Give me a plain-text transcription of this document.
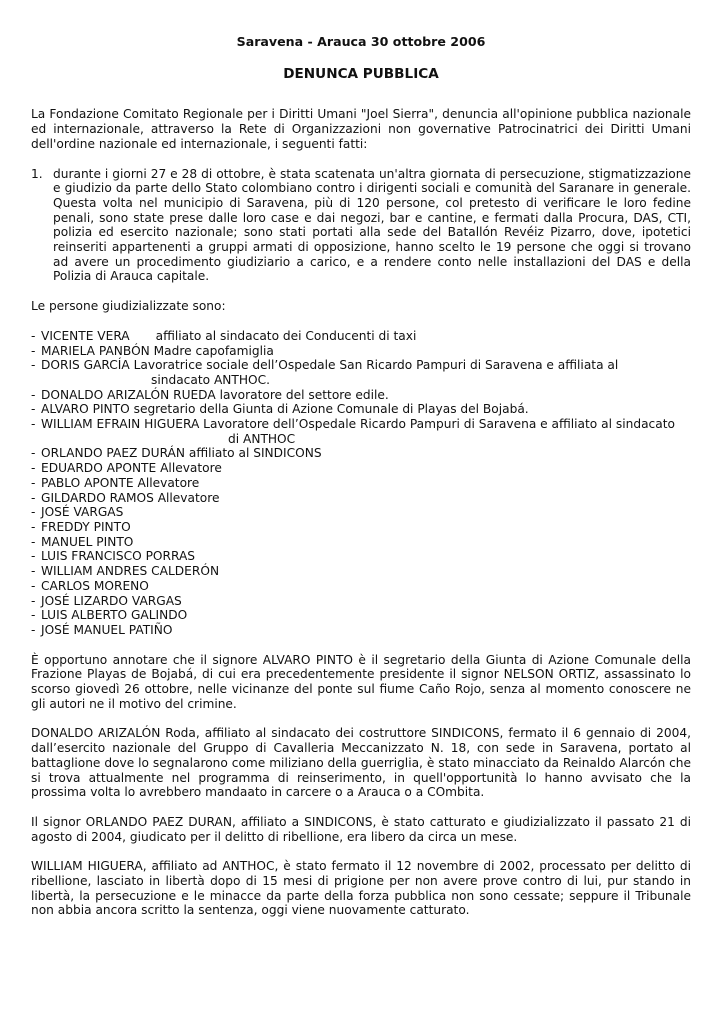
Saravena - Arauca 30 ottobre 2006
DENUNCA PUBBLICA

La Fondazione Comitato Regionale per i Diritti Umani "Joel Sierra", denuncia all'opinione pubblica nazionale ed internazionale, attraverso la Rete di Organizzazioni non governative Patrocinatrici dei Diritti Umani dell'ordine nazionale ed internazionale, i seguenti fatti:

1. durante i giorni 27 e 28 di ottobre, è stata scatenata un'altra giornata di persecuzione, stigmatizzazione e giudizio da parte dello Stato colombiano contro i dirigenti sociali e comunità del Saranare in generale. Questa volta nel municipio di Saravena, più di 120 persone, col pretesto di verificare le loro fedine penali, sono state prese dalle loro case e dai negozi, bar e cantine, e fermati dalla Procura, DAS, CTI, polizia ed esercito nazionale; sono stati portati alla sede del Batallón Revéiz Pizarro, dove, ipotetici reinseriti appartenenti a gruppi armati di opposizione, hanno scelto le 19 persone che oggi si trovano ad avere un procedimento giudiziario a carico, e a rendere conto nelle installazioni del DAS e della Polizia di Arauca capitale.

Le persone giudizializzate sono:

- VICENTE VERA affiliato al sindacato dei Conducenti di taxi
- MARIELA PANBÓN Madre capofamiglia
- DORIS GARCÍA Lavoratrice sociale dell’Ospedale San Ricardo Pampuri di Saravena e affiliata al
sindacato ANTHOC.
- DONALDO ARIZALÓN RUEDA lavoratore del settore edile.
- ALVARO PINTO segretario della Giunta di Azione Comunale di Playas del Bojabá.
- WILLIAM EFRAIN HIGUERA Lavoratore dell’Ospedale Ricardo Pampuri di Saravena e affiliato al sindacato
di ANTHOC
- ORLANDO PAEZ DURÁN affiliato al SINDICONS
- EDUARDO APONTE Allevatore
- PABLO APONTE Allevatore
- GILDARDO RAMOS Allevatore
- JOSÉ VARGAS
- FREDDY PINTO
- MANUEL PINTO
- LUIS FRANCISCO PORRAS
- WILLIAM ANDRES CALDERÓN
- CARLOS MORENO
- JOSÉ LIZARDO VARGAS
- LUIS ALBERTO GALINDO
- JOSÉ MANUEL PATIÑO

È opportuno annotare che il signore ALVARO PINTO è il segretario della Giunta di Azione Comunale della Frazione Playas de Bojabá, di cui era precedentemente presidente il signor NELSON ORTIZ, assassinato lo scorso giovedì 26 ottobre, nelle vicinanze del ponte sul fiume Caño Rojo, senza al momento conoscere ne gli autori ne il motivo del crimine.

DONALDO ARIZALÓN Roda, affiliato al sindacato dei costruttore SINDICONS, fermato il 6 gennaio di 2004, dall’esercito nazionale del Gruppo di Cavalleria Meccanizzato N. 18, con sede in Saravena, portato al battaglione dove lo segnalarono come miliziano della guerriglia, è stato minacciato da Reinaldo Alarcón che si trova attualmente nel programma di reinserimento, in quell'opportunità lo hanno avvisato che la prossima volta lo avrebbero mandaato in carcere o a Arauca o a COmbita.

Il signor ORLANDO PAEZ DURAN, affiliato a SINDICONS, è stato catturato e giudizializzato il passato 21 di agosto di 2004, giudicato per il delitto di ribellione, era libero da circa un mese.

WILLIAM HIGUERA, affiliato ad ANTHOC, è stato fermato il 12 novembre di 2002, processato per delitto di ribellione, lasciato in libertà dopo di 15 mesi di prigione per non avere prove contro di lui, pur stando in libertà, la persecuzione e le minacce da parte della forza pubblica non sono cessate; seppure il Tribunale non abbia ancora scritto la sentenza, oggi viene nuovamente catturato.
